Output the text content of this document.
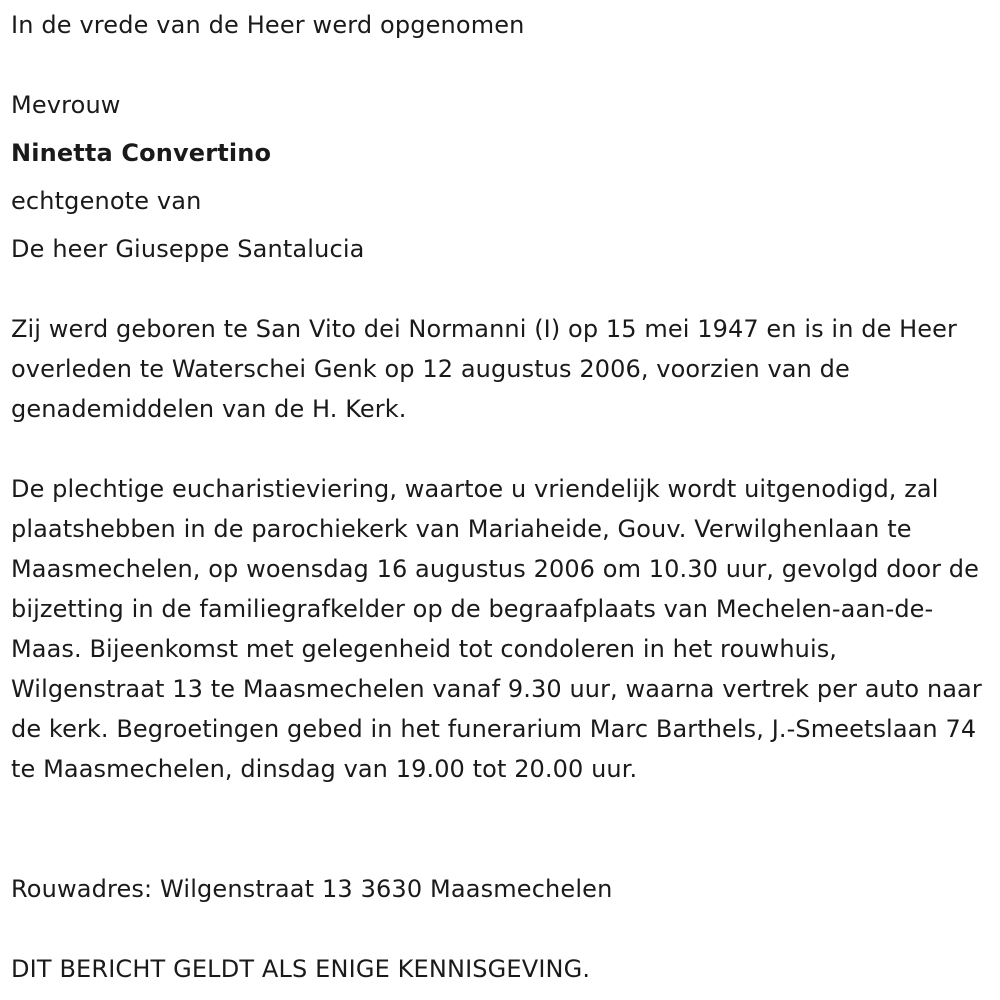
In de vrede van de Heer werd opgenomen
Mevrouw
Ninetta Convertino
echtgenote van
De heer Giuseppe Santalucia
Zij werd geboren te San Vito dei Normanni (I) op 15 mei 1947 en is in de Heer overleden te Waterschei Genk op 12 augustus 2006, voorzien van de genademiddelen van de H. Kerk.
De plechtige eucharistieviering, waartoe u vriendelijk wordt uitgenodigd, zal plaatshebben in de parochiekerk van Mariaheide, Gouv. Verwilghenlaan te Maasmechelen, op woensdag 16 augustus 2006 om 10.30 uur, gevolgd door de bijzetting in de familiegrafkelder op de begraafplaats van Mechelen-aan-de-Maas. Bijeenkomst met gelegenheid tot condoleren in het rouwhuis, Wilgenstraat 13 te Maasmechelen vanaf 9.30 uur, waarna vertrek per auto naar de kerk. Begroetingen gebed in het funerarium Marc Barthels, J.-Smeetslaan 74 te Maasmechelen, dinsdag van 19.00 tot 20.00 uur.
Rouwadres: Wilgenstraat 13 3630 Maasmechelen
DIT BERICHT GELDT ALS ENIGE KENNISGEVING.
